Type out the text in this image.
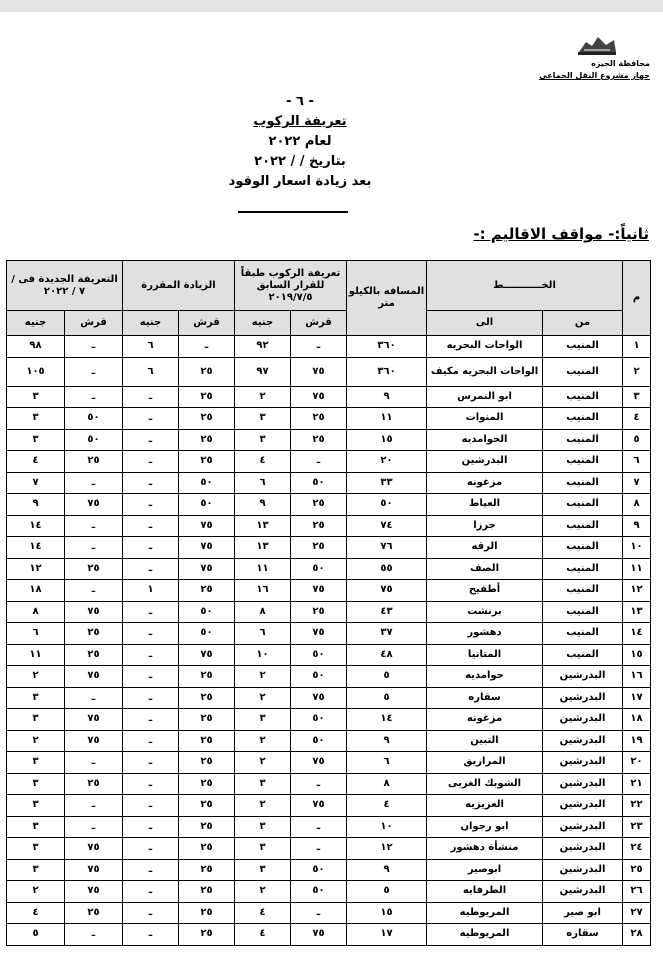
محافظة الجيزه
جهاز مشروع النقل الجماعى
- ٦ -
تعريفة الركوب
لعام ٢٠٢٢
بتاريخ / / ٢٠٢٢
بعد زيادة اسعار الوقود
ثانياً:- مواقف الاقاليم :-
م	الخـــــــــــط		المسافه بالكيلو متر	تعريفة الركوب طبقاً للقرار السابق ٢٠١٩/٧/٥		الزيادة المقررة		التعريفة الجديدة فى / ٧ / ٢٠٢٢	
	من	الى		قرش	جنيه	قرش	جنيه	قرش	جنيه
١	المنيب	الواحات البحريه	٣٦٠	ـ	٩٢	ـ	٦	ـ	٩٨
٢	المنيب	الواحات البحريه مكيف	٣٦٠	٧٥	٩٧	٢٥	٦	ـ	١٠٥
٣	المنيب	ابو النمرس	٩	٧٥	٢	٢٥	ـ	ـ	٣
٤	المنيب	المنوات	١١	٢٥	٣	٢٥	ـ	٥٠	٣
٥	المنيب	الحوامديه	١٥	٢٥	٣	٢٥	ـ	٥٠	٣
٦	المنيب	البدرشين	٢٠	ـ	٤	٢٥	ـ	٢٥	٤
٧	المنيب	مزغونه	٣٣	٥٠	٦	٥٠	ـ	ـ	٧
٨	المنيب	العياط	٥٠	٢٥	٩	٥٠	ـ	٧٥	٩
٩	المنيب	جرزا	٧٤	٢٥	١٣	٧٥	ـ	ـ	١٤
١٠	المنيب	الرقه	٧٦	٢٥	١٣	٧٥	ـ	ـ	١٤
١١	المنيب	الصف	٥٥	٥٠	١١	٧٥	ـ	٢٥	١٢
١٢	المنيب	أطفيح	٧٥	٧٥	١٦	٢٥	١	ـ	١٨
١٣	المنيب	برنشت	٤٣	٢٥	٨	٥٠	ـ	٧٥	٨
١٤	المنيب	دهشور	٣٧	٧٥	٦	٥٠	ـ	٢٥	٦
١٥	المنيب	المتانيا	٤٨	٥٠	١٠	٧٥	ـ	٢٥	١١
١٦	البدرشين	حوامديه	٥	٥٠	٢	٢٥	ـ	٧٥	٢
١٧	البدرشين	سقاره	٥	٧٥	٢	٢٥	ـ	ـ	٣
١٨	البدرشين	مزغونه	١٤	٥٠	٣	٢٥	ـ	٧٥	٣
١٩	البدرشين	التبين	٩	٥٠	٢	٢٥	ـ	٧٥	٢
٢٠	البدرشين	المرازيق	٦	٧٥	٢	٢٥	ـ	ـ	٣
٢١	البدرشين	الشوبك الغربى	٨	ـ	٣	٢٥	ـ	٢٥	٣
٢٢	البدرشين	العزيزيه	٤	٧٥	٢	٢٥	ـ	ـ	٣
٢٣	البدرشين	ابو رجوان	١٠	ـ	٣	٢٥	ـ	ـ	٣
٢٤	البدرشين	منشأة دهشور	١٢	ـ	٣	٢٥	ـ	٧٥	٣
٢٥	البدرشين	ابوصير	٩	٥٠	٣	٢٥	ـ	٧٥	٣
٢٦	البدرشين	الطرفايه	٥	٥٠	٢	٢٥	ـ	٧٥	٢
٢٧	ابو صير	المريوطيه	١٥	ـ	٤	٢٥	ـ	٢٥	٤
٢٨	سقاره	المريوطيه	١٧	٧٥	٤	٢٥	ـ	ـ	٥
